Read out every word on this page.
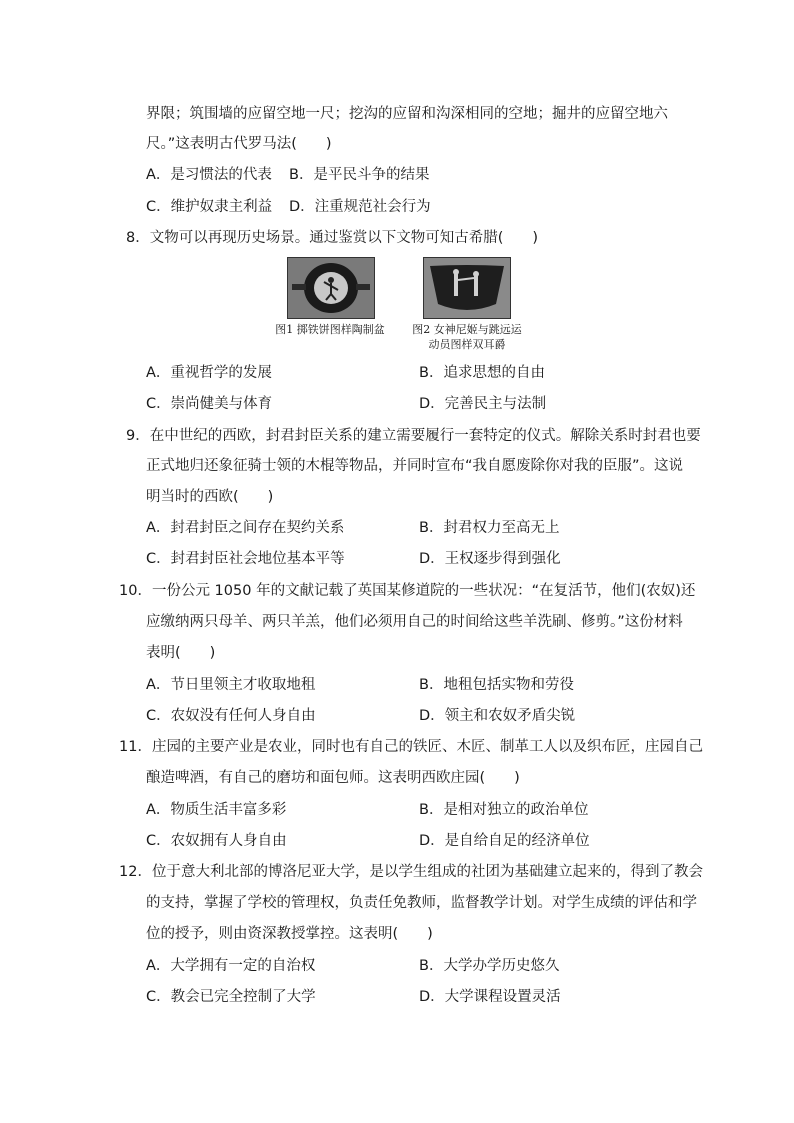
界限；筑围墙的应留空地一尺；挖沟的应留和沟深相同的空地；掘井的应留空地六
尺。”这表明古代罗马法(　　)
A．是习惯法的代表 B．是平民斗争的结果
C．维护奴隶主利益 D．注重规范社会行为
8．文物可以再现历史场景。通过鉴赏以下文物可知古希腊(　　)
图1 掷铁饼图样陶制盆	图2 女神尼姬与跳远运
动员图样双耳爵
A．重视哲学的发展	B．追求思想的自由
C．崇尚健美与体育	D．完善民主与法制
9．在中世纪的西欧，封君封臣关系的建立需要履行一套特定的仪式。解除关系时封君也要
正式地归还象征骑士领的木棍等物品，并同时宣布“我自愿废除你对我的臣服”。这说
明当时的西欧(　　)
A．封君封臣之间存在契约关系	B．封君权力至高无上
C．封君封臣社会地位基本平等	D．王权逐步得到强化
10．一份公元 1050 年的文献记载了英国某修道院的一些状况：“在复活节，他们(农奴)还
应缴纳两只母羊、两只羊羔，他们必须用自己的时间给这些羊洗刷、修剪。”这份材料
表明(　　)
A．节日里领主才收取地租	B．地租包括实物和劳役
C．农奴没有任何人身自由	D．领主和农奴矛盾尖锐
11．庄园的主要产业是农业，同时也有自己的铁匠、木匠、制革工人以及织布匠，庄园自己
酿造啤酒，有自己的磨坊和面包师。这表明西欧庄园(　　)
A．物质生活丰富多彩	B．是相对独立的政治单位
C．农奴拥有人身自由	D．是自给自足的经济单位
12．位于意大利北部的博洛尼亚大学，是以学生组成的社团为基础建立起来的，得到了教会
的支持，掌握了学校的管理权，负责任免教师，监督教学计划。对学生成绩的评估和学
位的授予，则由资深教授掌控。这表明(　　)
A．大学拥有一定的自治权	B．大学办学历史悠久
C．教会已完全控制了大学	D．大学课程设置灵活
